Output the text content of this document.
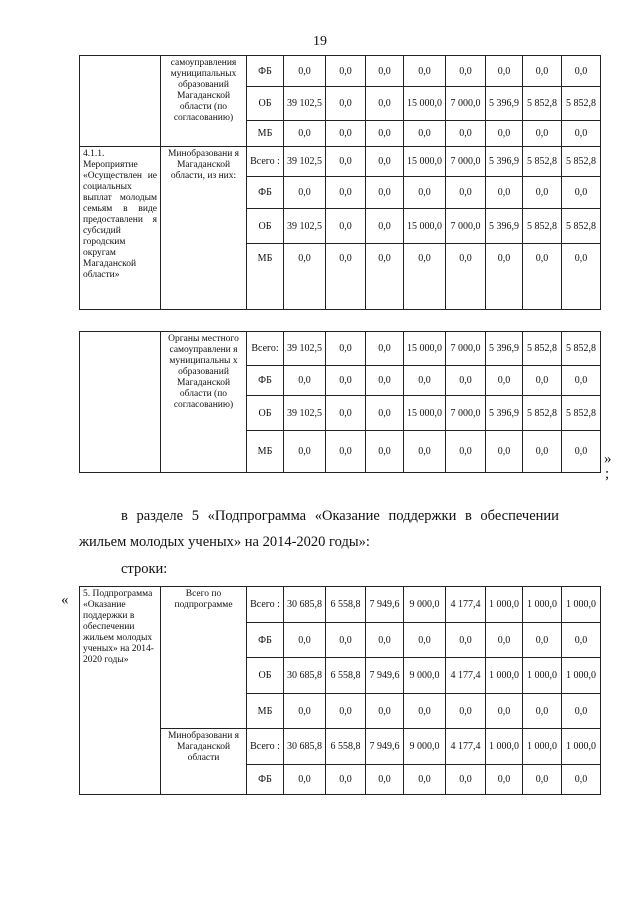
19
	самоуправления муниципальных образований Магаданской области (по согласованию)	ФБ	0,0	0,0	0,0	0,0	0,0	0,0	0,0	0,0
		ОБ	39 102,5	0,0	0,0	15 000,0	7 000,0	5 396,9	5 852,8	5 852,8
		МБ	0,0	0,0	0,0	0,0	0,0	0,0	0,0	0,0
4.1.1. Мероприятие «Осуществлен ие социальных выплат молодым семьям в виде предоставлени я субсидий городским округам Магаданской области»	Минобразовани я Магаданской области, из них:	Всего :	39 102,5	0,0	0,0	15 000,0	7 000,0	5 396,9	5 852,8	5 852,8
		ФБ	0,0	0,0	0,0	0,0	0,0	0,0	0,0	0,0
		ОБ	39 102,5	0,0	0,0	15 000,0	7 000,0	5 396,9	5 852,8	5 852,8
		МБ	0,0	0,0	0,0	0,0	0,0	0,0	0,0	0,0
	Органы местного самоуправлени я муниципальны х образований Магаданской области (по согласованию)	Всего:	39 102,5	0,0	0,0	15 000,0	7 000,0	5 396,9	5 852,8	5 852,8
		ФБ	0,0	0,0	0,0	0,0	0,0	0,0	0,0	0,0
		ОБ	39 102,5	0,0	0,0	15 000,0	7 000,0	5 396,9	5 852,8	5 852,8
		МБ	0,0	0,0	0,0	0,0	0,0	0,0	0,0	0,0 »
;
в разделе 5 «Подпрограмма «Оказание поддержки в обеспечении
жильем молодых ученых» на 2014-2020 годы»:
строки:
« 5. Подпрограмма «Оказание поддержки в обеспечении жильем молодых ученых» на 2014-2020 годы»	Всего по подпрограмме	Всего :	30 685,8	6 558,8	7 949,6	9 000,0	4 177,4	1 000,0	1 000,0	1 000,0
		ФБ	0,0	0,0	0,0	0,0	0,0	0,0	0,0	0,0
		ОБ	30 685,8	6 558,8	7 949,6	9 000,0	4 177,4	1 000,0	1 000,0	1 000,0
		МБ	0,0	0,0	0,0	0,0	0,0	0,0	0,0	0,0
	Минобразовани я Магаданской области	Всего :	30 685,8	6 558,8	7 949,6	9 000,0	4 177,4	1 000,0	1 000,0	1 000,0
		ФБ	0,0	0,0	0,0	0,0	0,0	0,0	0,0	0,0
